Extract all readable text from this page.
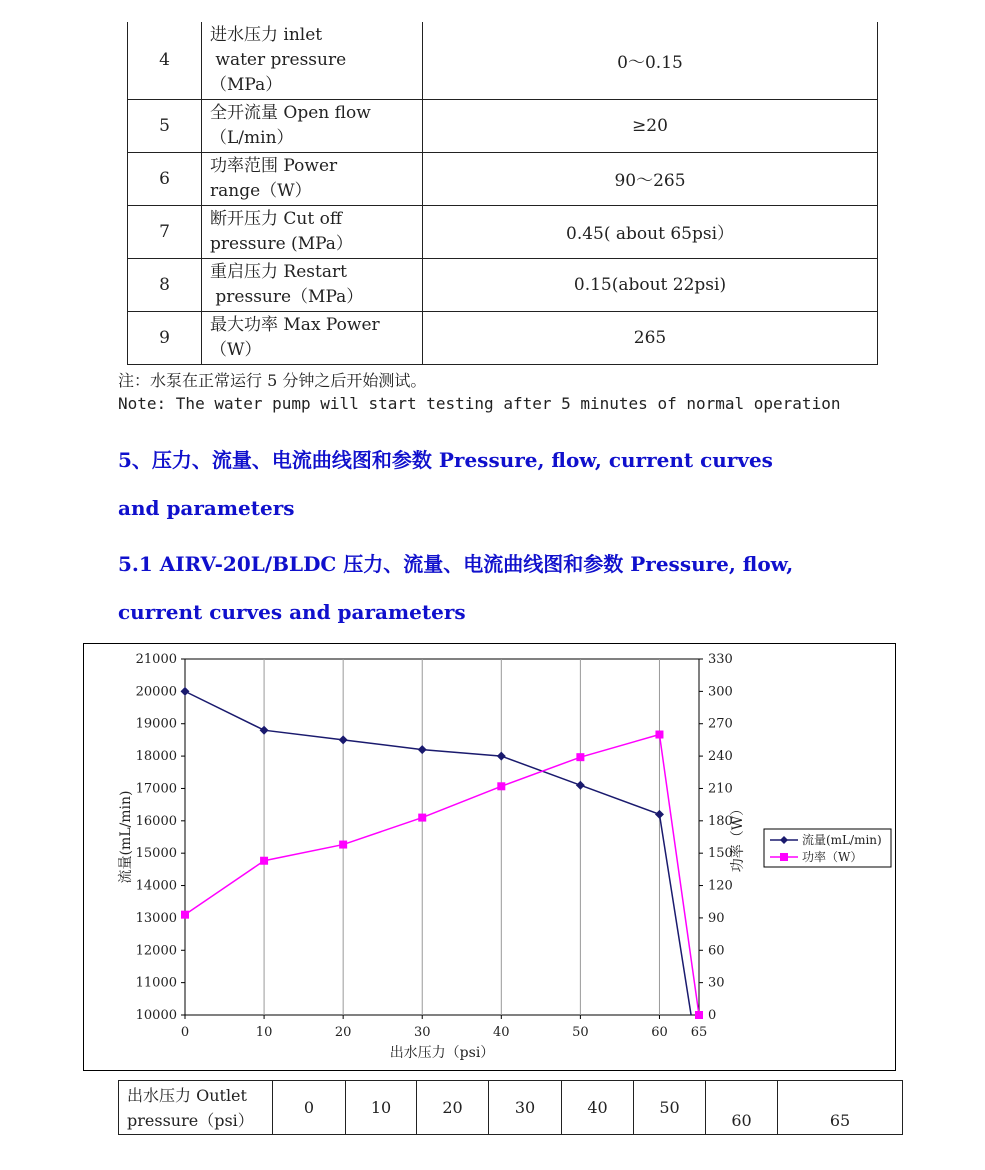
4	进水压力 inlet
water pressure
（MPa）	0～0.15
5	全开流量 Open flow
（L/min）	≥20
6	功率范围 Power
range（W）	90～265
7	断开压力 Cut off
pressure (MPa）	0.45( about 65psi）
8	重启压力 Restart
pressure（MPa）	0.15(about 22psi)
9	最大功率 Max Power
（W）	265
注：水泵在正常运行 5 分钟之后开始测试。
Note: The water pump will start testing after 5 minutes of normal operation
5、压力、流量、电流曲线图和参数 Pressure, flow, current curves
and parameters
5.1 AIRV-20L/BLDC 压力、流量、电流曲线图和参数 Pressure, flow,
current curves and parameters
0	10	20	30	40	50	60 65
10000
11000
12000
13000
14000
15000
16000
17000
18000
19000
20000
21000
0
30
60
90
120
150
180
210
240
270
300
330
出水压力（psi）
流量(mL/min)	功率（W）	流量(mL/min)
功率（W）
出水压力 Outlet
pressure（psi）
	0	10	20	30	40	50	60	65
